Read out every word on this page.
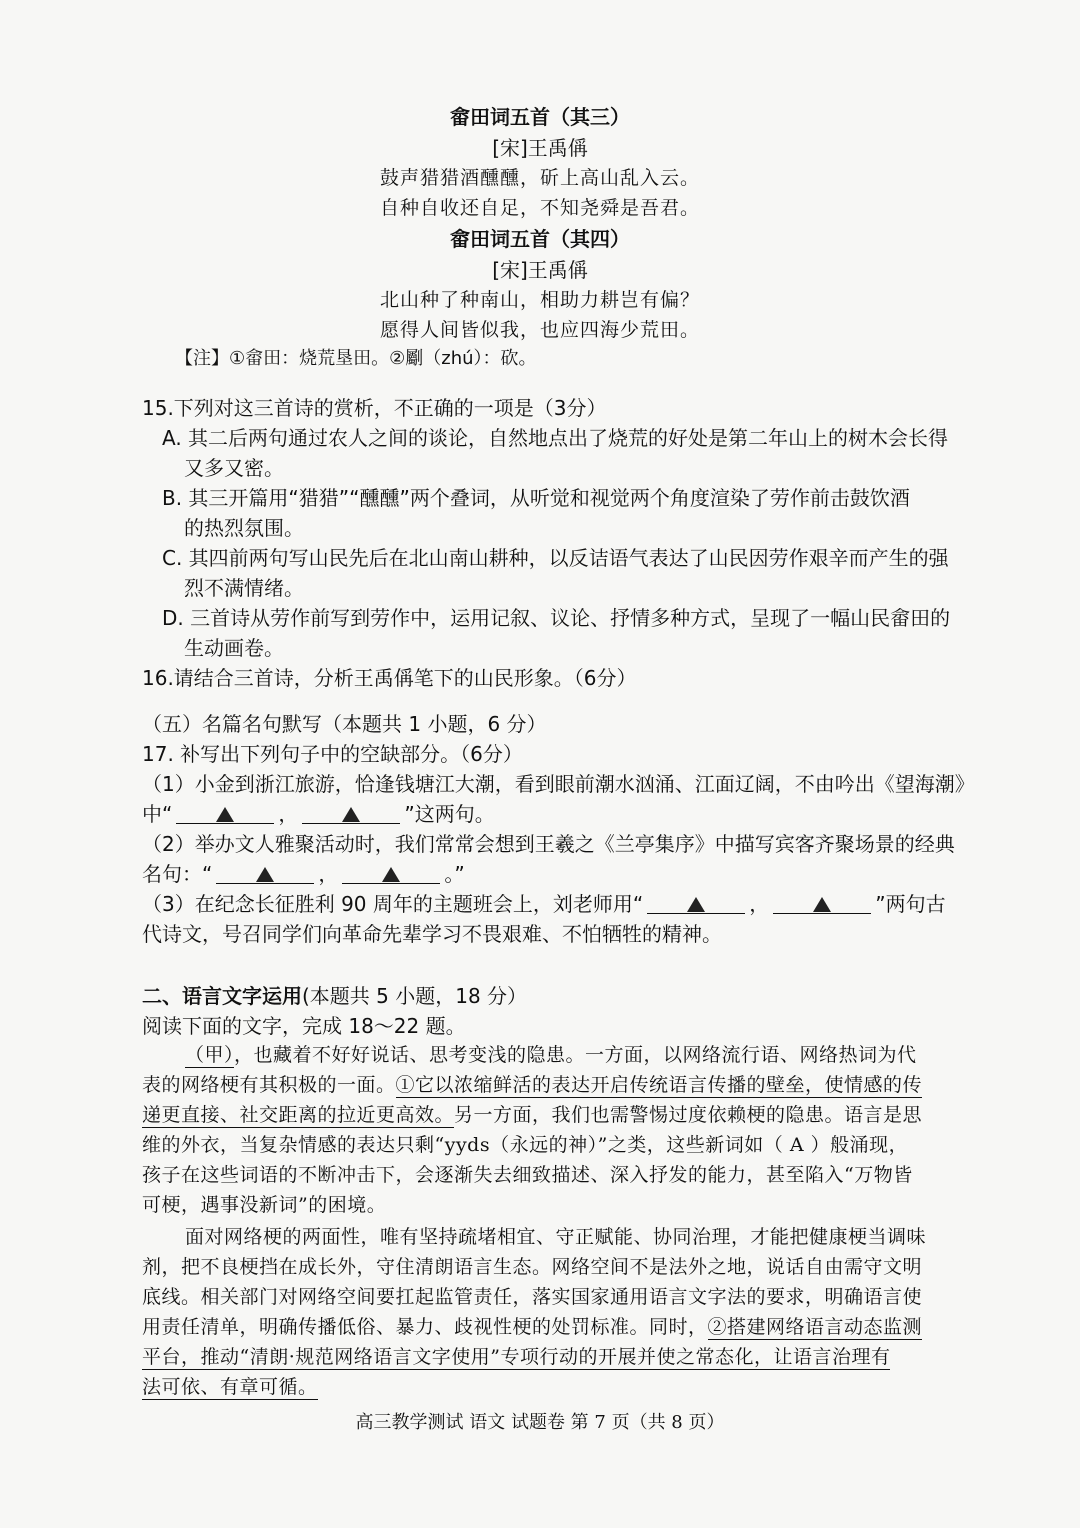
畲田词五首（其三）
[宋]王禹偁
鼓声猎猎酒醺醺，斫上高山乱入云。
自种自收还自足，不知尧舜是吾君。
畲田词五首（其四）
[宋]王禹偁
北山种了种南山，相助力耕岂有偏？
愿得人间皆似我，也应四海少荒田。
【注】①畲田：烧荒垦田。②劚（zhú）：砍。
15.下列对这三首诗的赏析，不正确的一项是（3分）
A. 其二后两句通过农人之间的谈论，自然地点出了烧荒的好处是第二年山上的树木会长得
又多又密。
B. 其三开篇用“猎猎”“醺醺”两个叠词，从听觉和视觉两个角度渲染了劳作前击鼓饮酒
的热烈氛围。
C. 其四前两句写山民先后在北山南山耕种，以反诘语气表达了山民因劳作艰辛而产生的强
烈不满情绪。
D. 三首诗从劳作前写到劳作中，运用记叙、议论、抒情多种方式，呈现了一幅山民畲田的
生动画卷。
16.请结合三首诗，分析王禹偁笔下的山民形象。（6分）
（五）名篇名句默写（本题共 1 小题，6 分）
17. 补写出下列句子中的空缺部分。（6分）
（1）小金到浙江旅游，恰逢钱塘江大潮，看到眼前潮水汹涌、江面辽阔，不由吟出《望海潮》
中“	，	”这两句。
（2）举办文人雅聚活动时，我们常常会想到王羲之《兰亭集序》中描写宾客齐聚场景的经典
名句：“	，	。”
（3）在纪念长征胜利 90 周年的主题班会上，刘老师用“	，	”两句古
代诗文，号召同学们向革命先辈学习不畏艰难、不怕牺牲的精神。
二、语言文字运用(本题共 5 小题，18 分）
阅读下面的文字，完成 18～22 题。
（甲），也藏着不好好说话、思考变浅的隐患。一方面，以网络流行语、网络热词为代
表的网络梗有其积极的一面。①它以浓缩鲜活的表达开启传统语言传播的壁垒，使情感的传
递更直接、社交距离的拉近更高效。另一方面，我们也需警惕过度依赖梗的隐患。语言是思
维的外衣，当复杂情感的表达只剩“yyds（永远的神）”之类，这些新词如（ A ）般涌现，
孩子在这些词语的不断冲击下，会逐渐失去细致描述、深入抒发的能力，甚至陷入“万物皆
可梗，遇事没新词”的困境。
面对网络梗的两面性，唯有坚持疏堵相宜、守正赋能、协同治理，才能把健康梗当调味
剂，把不良梗挡在成长外，守住清朗语言生态。网络空间不是法外之地，说话自由需守文明
底线。相关部门对网络空间要扛起监管责任，落实国家通用语言文字法的要求，明确语言使
用责任清单，明确传播低俗、暴力、歧视性梗的处罚标准。同时，②搭建网络语言动态监测
平台，推动“清朗·规范网络语言文字使用”专项行动的开展并使之常态化，让语言治理有
法可依、有章可循。
高三教学测试 语文 试题卷 第 7 页（共 8 页）
